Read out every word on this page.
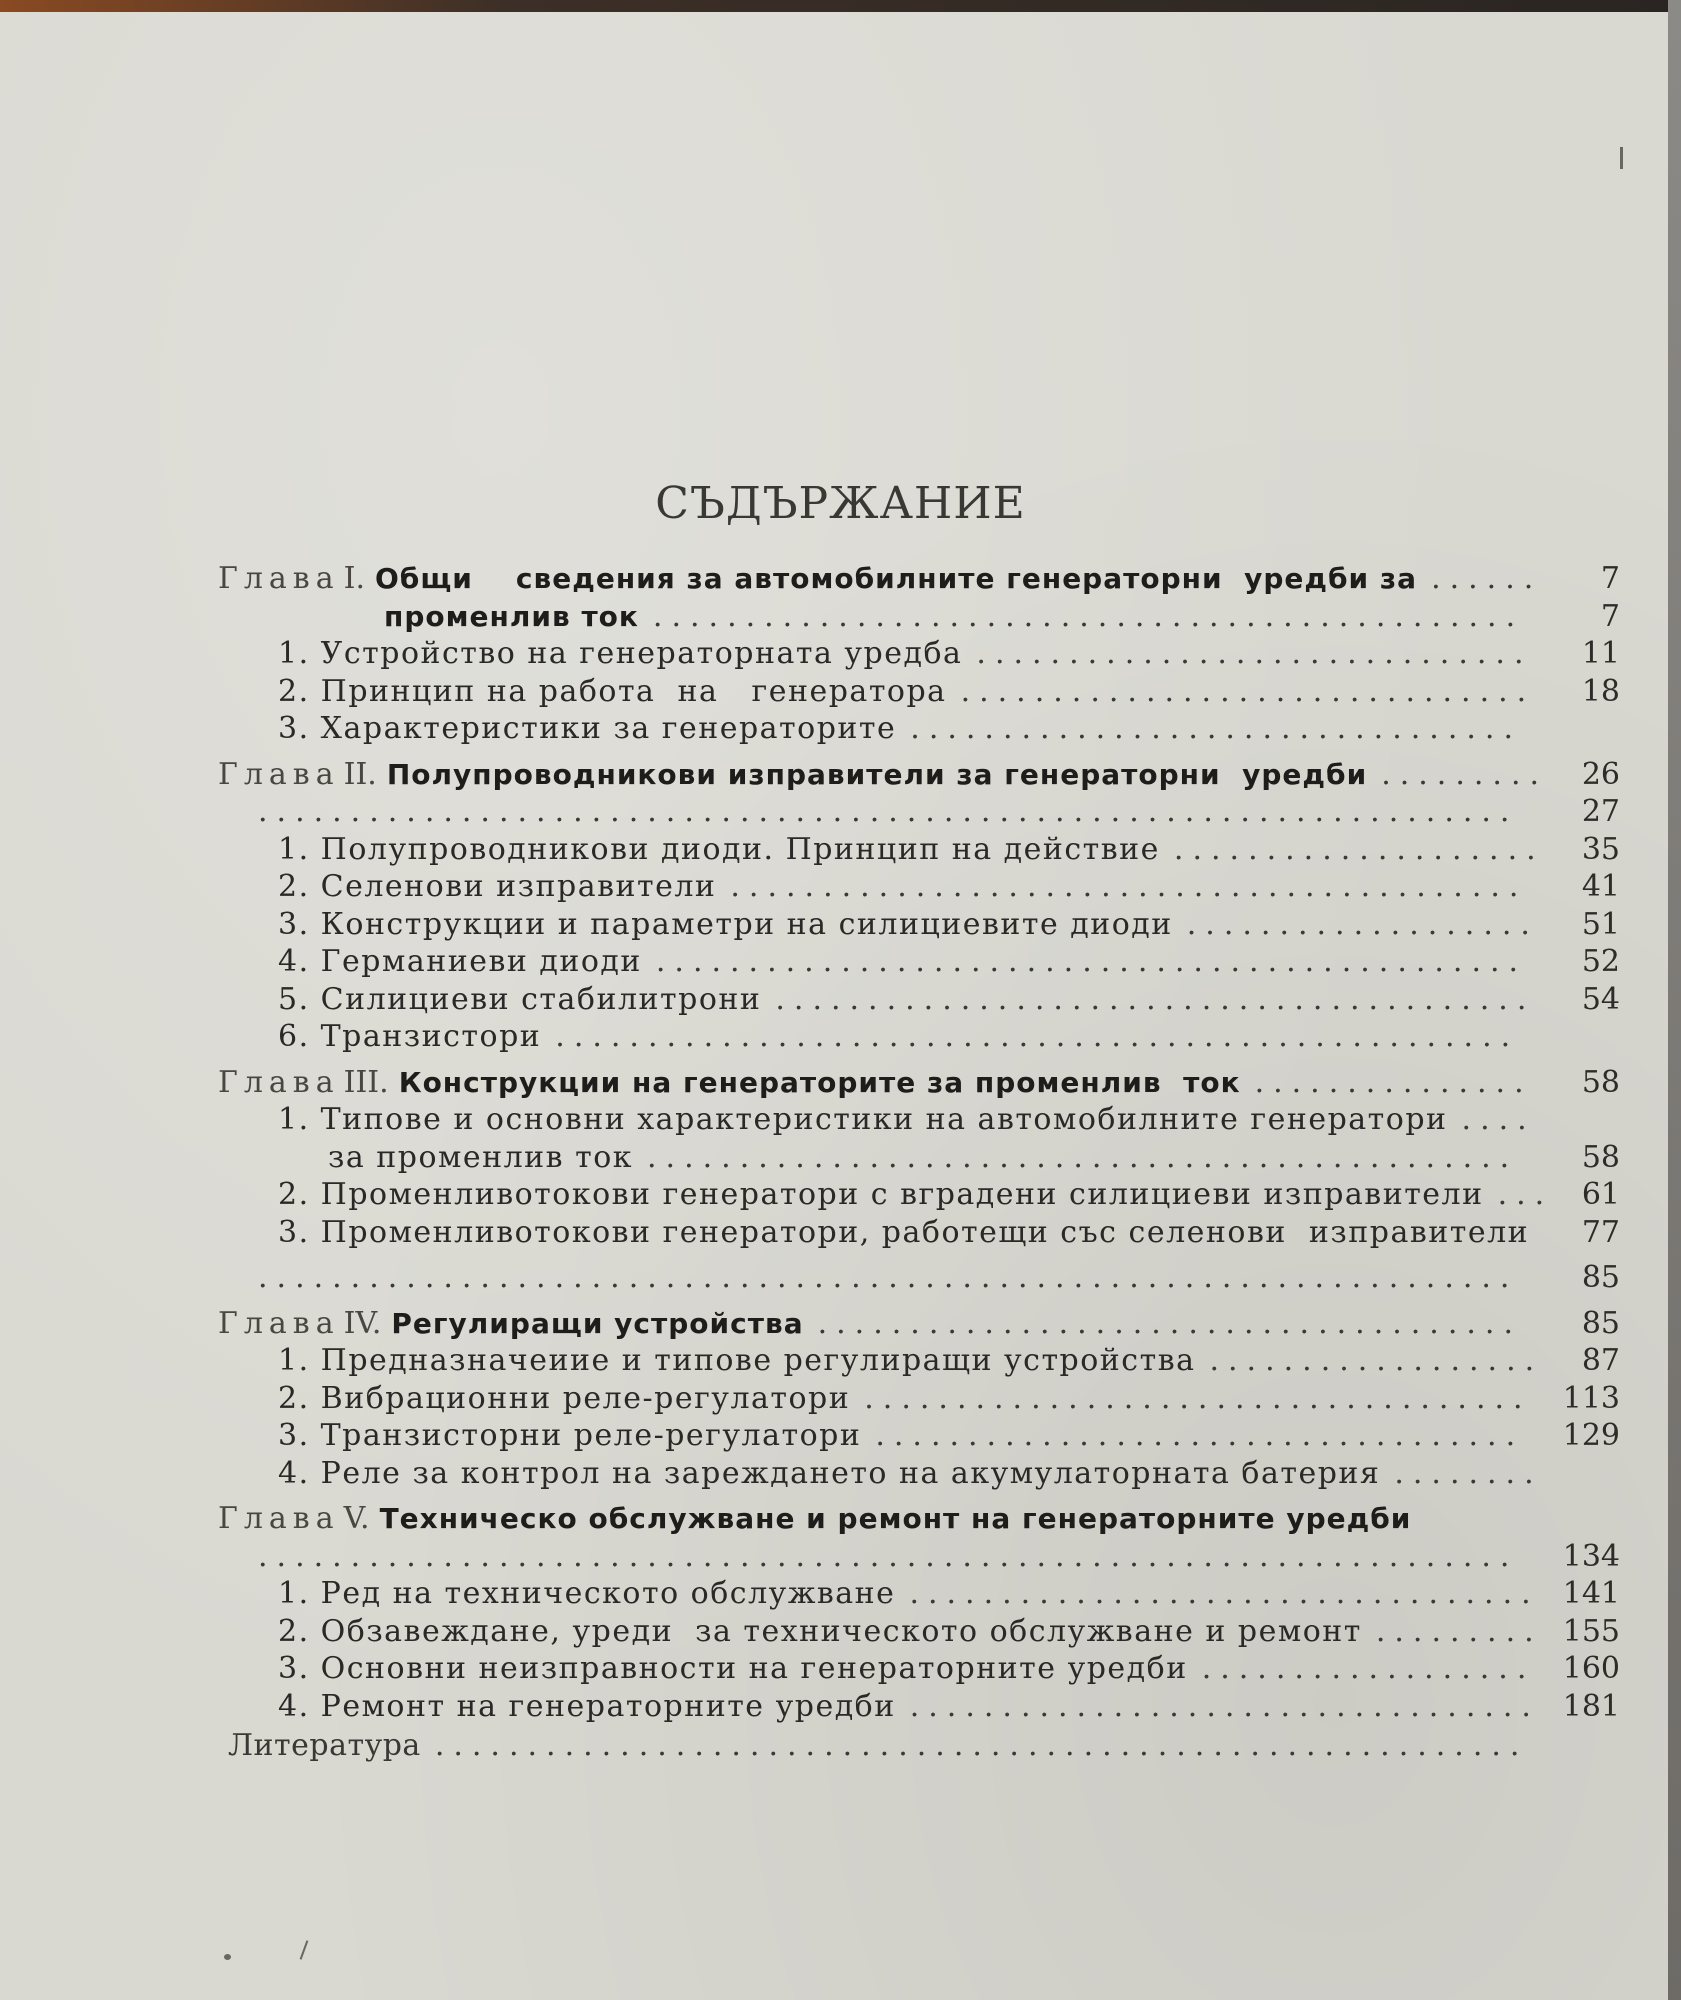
СЪДЪРЖАНИЕ
Глава I. Общи    сведения за автомобилните генераторни  уредби за ......	7
променлив ток ...............................................	7
1. Устройство на генераторната уредба ..............................	11
2. Принцип на работа  на   генератора ...............................	18
3. Характеристики за генераторите .................................
Глава II. Полупроводникови изправители за генераторни  уредби .........	26
....................................................................	27
1. Полупроводникови диоди. Принцип на действие ....................	35
2. Селенови изправители ...........................................	41
3. Конструкции и параметри на силициевите диоди ...................	51
4. Германиеви диоди ...............................................	52
5. Силициеви стабилитрони .........................................	54
6. Транзистори ....................................................
Глава III. Конструкции на генераторите за променлив  ток ...............	58
1. Типове и основни характеристики на автомобилните генератори ....
за променлив ток ...............................................	58
2. Променливотокови генератори с вградени силициеви изправители ... 61
3. Променливотокови генератори, работещи със селенови  изправители	77
....................................................................	85
Глава IV. Регулиращи устройства ......................................	85
1. Предназначеиие и типове регулиращи устройства ..................	87
2. Вибрационни реле-регулатори ....................................	113
3. Транзисторни реле-регулатори ...................................	129
4. Реле за контрол на зареждането на акумулаторната батерия ........
Глава V. Техническо обслужване и ремонт на генераторните уредби
....................................................................	134
1. Ред на техническото обслужване .................................. 141
2. Обзавеждане, уреди  за техническото обслужване и ремонт ......... 155
3. Основни неизправности на генераторните уредби .................. 160
4. Ремонт на генераторните уредби .................................. 181
Литература ...........................................................
